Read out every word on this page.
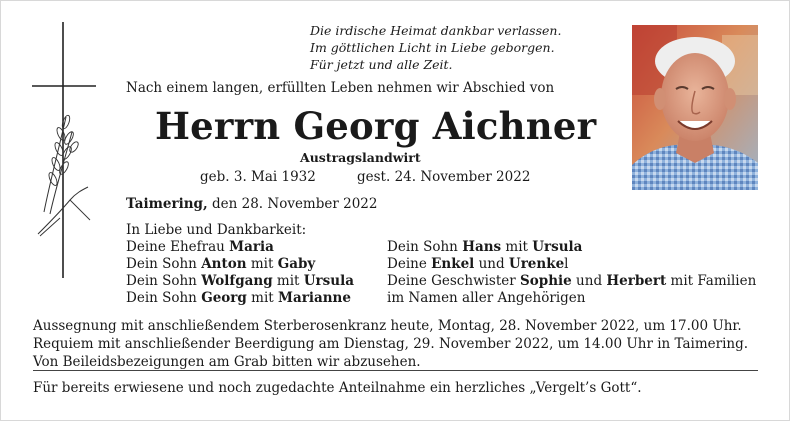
Die irdische Heimat dankbar verlassen.
Im göttlichen Licht in Liebe geborgen.
Für jetzt und alle Zeit.
Nach einem langen, erfüllten Leben nehmen wir Abschied von
Herrn Georg Aichner
Austragslandwirt
geb. 3. Mai 1932	gest. 24. November 2022
Taimering, den 28. November 2022
In Liebe und Dankbarkeit:
Deine Ehefrau Maria
Dein Sohn Anton mit Gaby
Dein Sohn Wolfgang mit Ursula
Dein Sohn Georg mit Marianne
Dein Sohn Hans mit Ursula
Deine Enkel und Urenkel
Deine Geschwister Sophie und Herbert mit Familien
im Namen aller Angehörigen
Aussegnung mit anschließendem Sterberosenkranz heute, Montag, 28. November 2022, um 17.00 Uhr.
Requiem mit anschließender Beerdigung am Dienstag, 29. November 2022, um 14.00 Uhr in Taimering.
Von Beileidsbezeigungen am Grab bitten wir abzusehen.
Für bereits erwiesene und noch zugedachte Anteilnahme ein herzliches „Vergelt’s Gott“.
